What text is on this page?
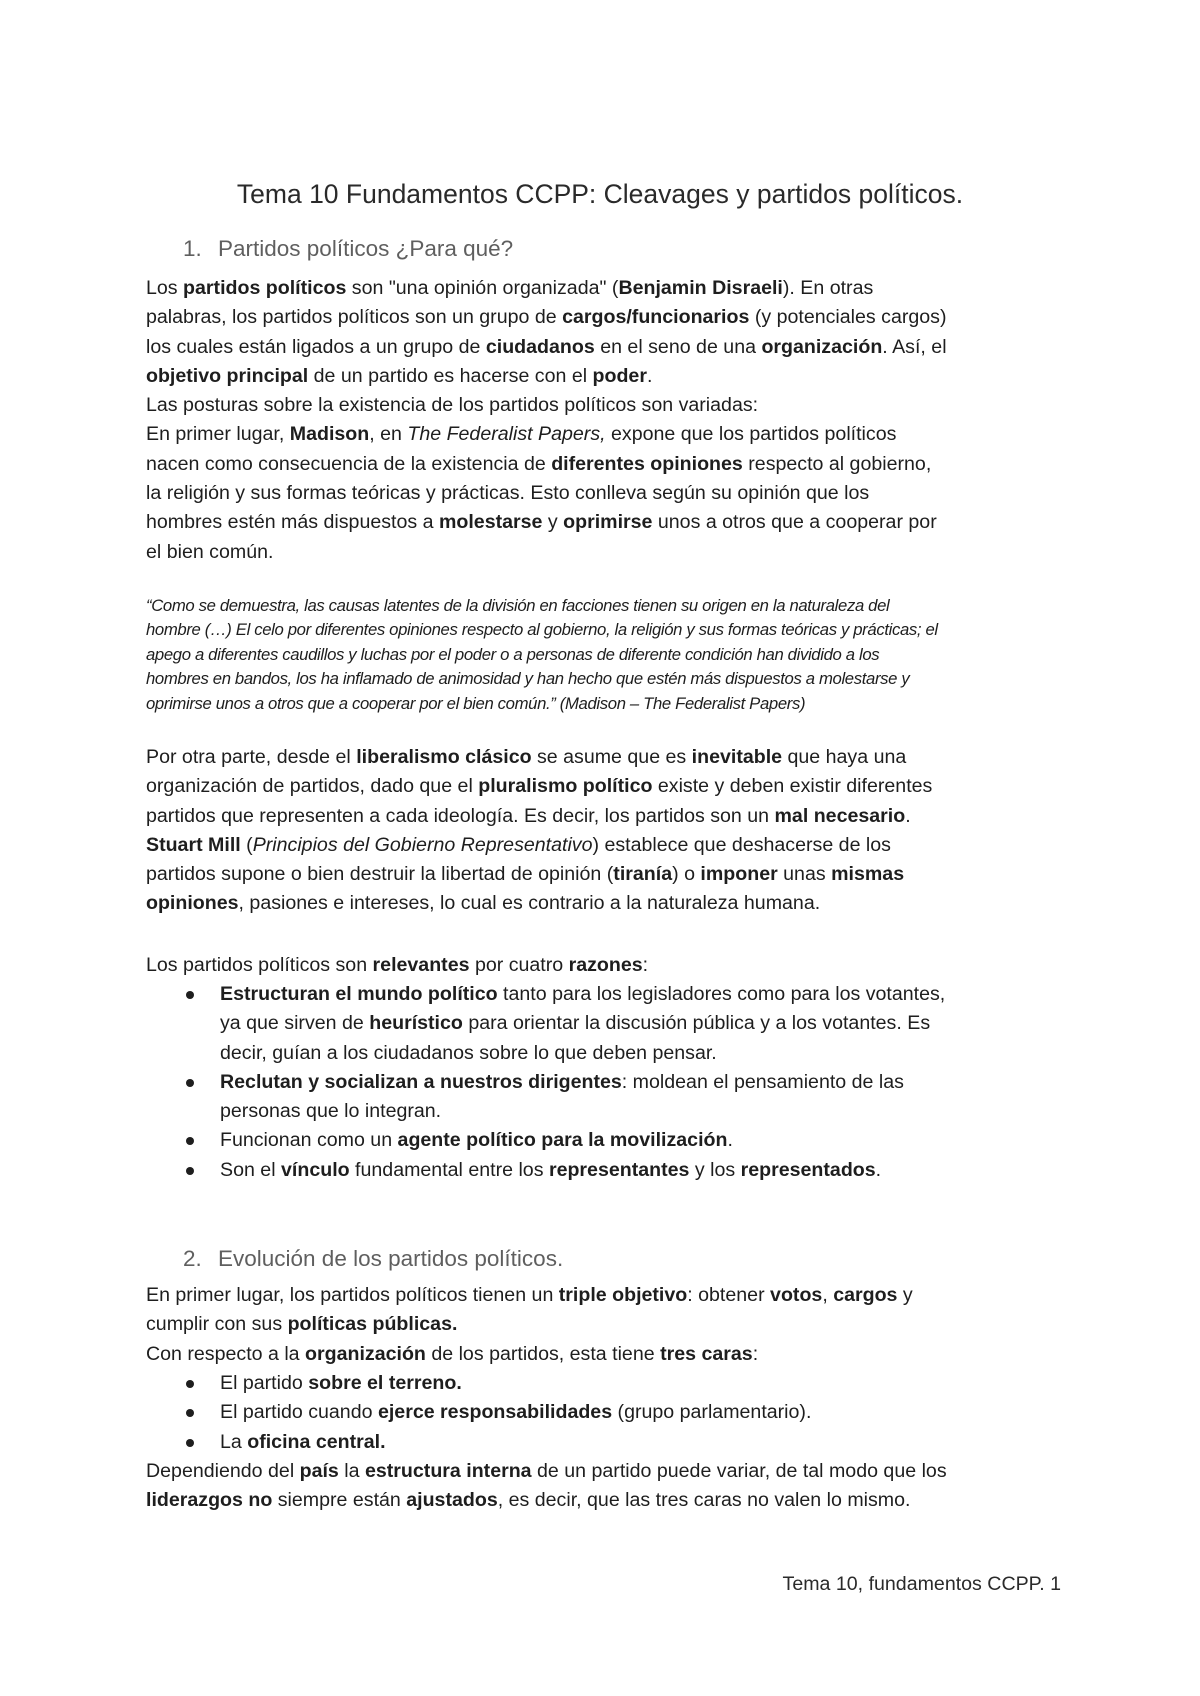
Tema 10 Fundamentos CCPP: Cleavages y partidos políticos.
1. Partidos políticos ¿Para qué?

Los partidos políticos son "una opinión organizada" (Benjamin Disraeli). En otras

palabras, los partidos políticos son un grupo de cargos/funcionarios (y potenciales cargos)

los cuales están ligados a un grupo de ciudadanos en el seno de una organización. Así, el

objetivo principal de un partido es hacerse con el poder.

Las posturas sobre la existencia de los partidos políticos son variadas:

En primer lugar, Madison, en The Federalist Papers, expone que los partidos políticos

nacen como consecuencia de la existencia de diferentes opiniones respecto al gobierno,

la religión y sus formas teóricas y prácticas. Esto conlleva según su opinión que los

hombres estén más dispuestos a molestarse y oprimirse unos a otros que a cooperar por

el bien común.

“Como se demuestra, las causas latentes de la división en facciones tienen su origen en la naturaleza del

hombre (…) El celo por diferentes opiniones respecto al gobierno, la religión y sus formas teóricas y prácticas; el

apego a diferentes caudillos y luchas por el poder o a personas de diferente condición han dividido a los

hombres en bandos, los ha inflamado de animosidad y han hecho que estén más dispuestos a molestarse y

oprimirse unos a otros que a cooperar por el bien común.” (Madison – The Federalist Papers)

Por otra parte, desde el liberalismo clásico se asume que es inevitable que haya una

organización de partidos, dado que el pluralismo político existe y deben existir diferentes

partidos que representen a cada ideología. Es decir, los partidos son un mal necesario.

Stuart Mill (Principios del Gobierno Representativo) establece que deshacerse de los

partidos supone o bien destruir la libertad de opinión (tiranía) o imponer unas mismas

opiniones, pasiones e intereses, lo cual es contrario a la naturaleza humana.

Los partidos políticos son relevantes por cuatro razones:

Estructuran el mundo político tanto para los legisladores como para los votantes,

ya que sirven de heurístico para orientar la discusión pública y a los votantes. Es

decir, guían a los ciudadanos sobre lo que deben pensar.

Reclutan y socializan a nuestros dirigentes: moldean el pensamiento de las

personas que lo integran.

Funcionan como un agente político para la movilización.

Son el vínculo fundamental entre los representantes y los representados.

2. Evolución de los partidos políticos.

En primer lugar, los partidos políticos tienen un triple objetivo: obtener votos, cargos y

cumplir con sus políticas públicas.

Con respecto a la organización de los partidos, esta tiene tres caras:

El partido sobre el terreno.

El partido cuando ejerce responsabilidades (grupo parlamentario).

La oficina central.

Dependiendo del país la estructura interna de un partido puede variar, de tal modo que los

liderazgos no siempre están ajustados, es decir, que las tres caras no valen lo mismo.

Tema 10, fundamentos CCPP. 1
